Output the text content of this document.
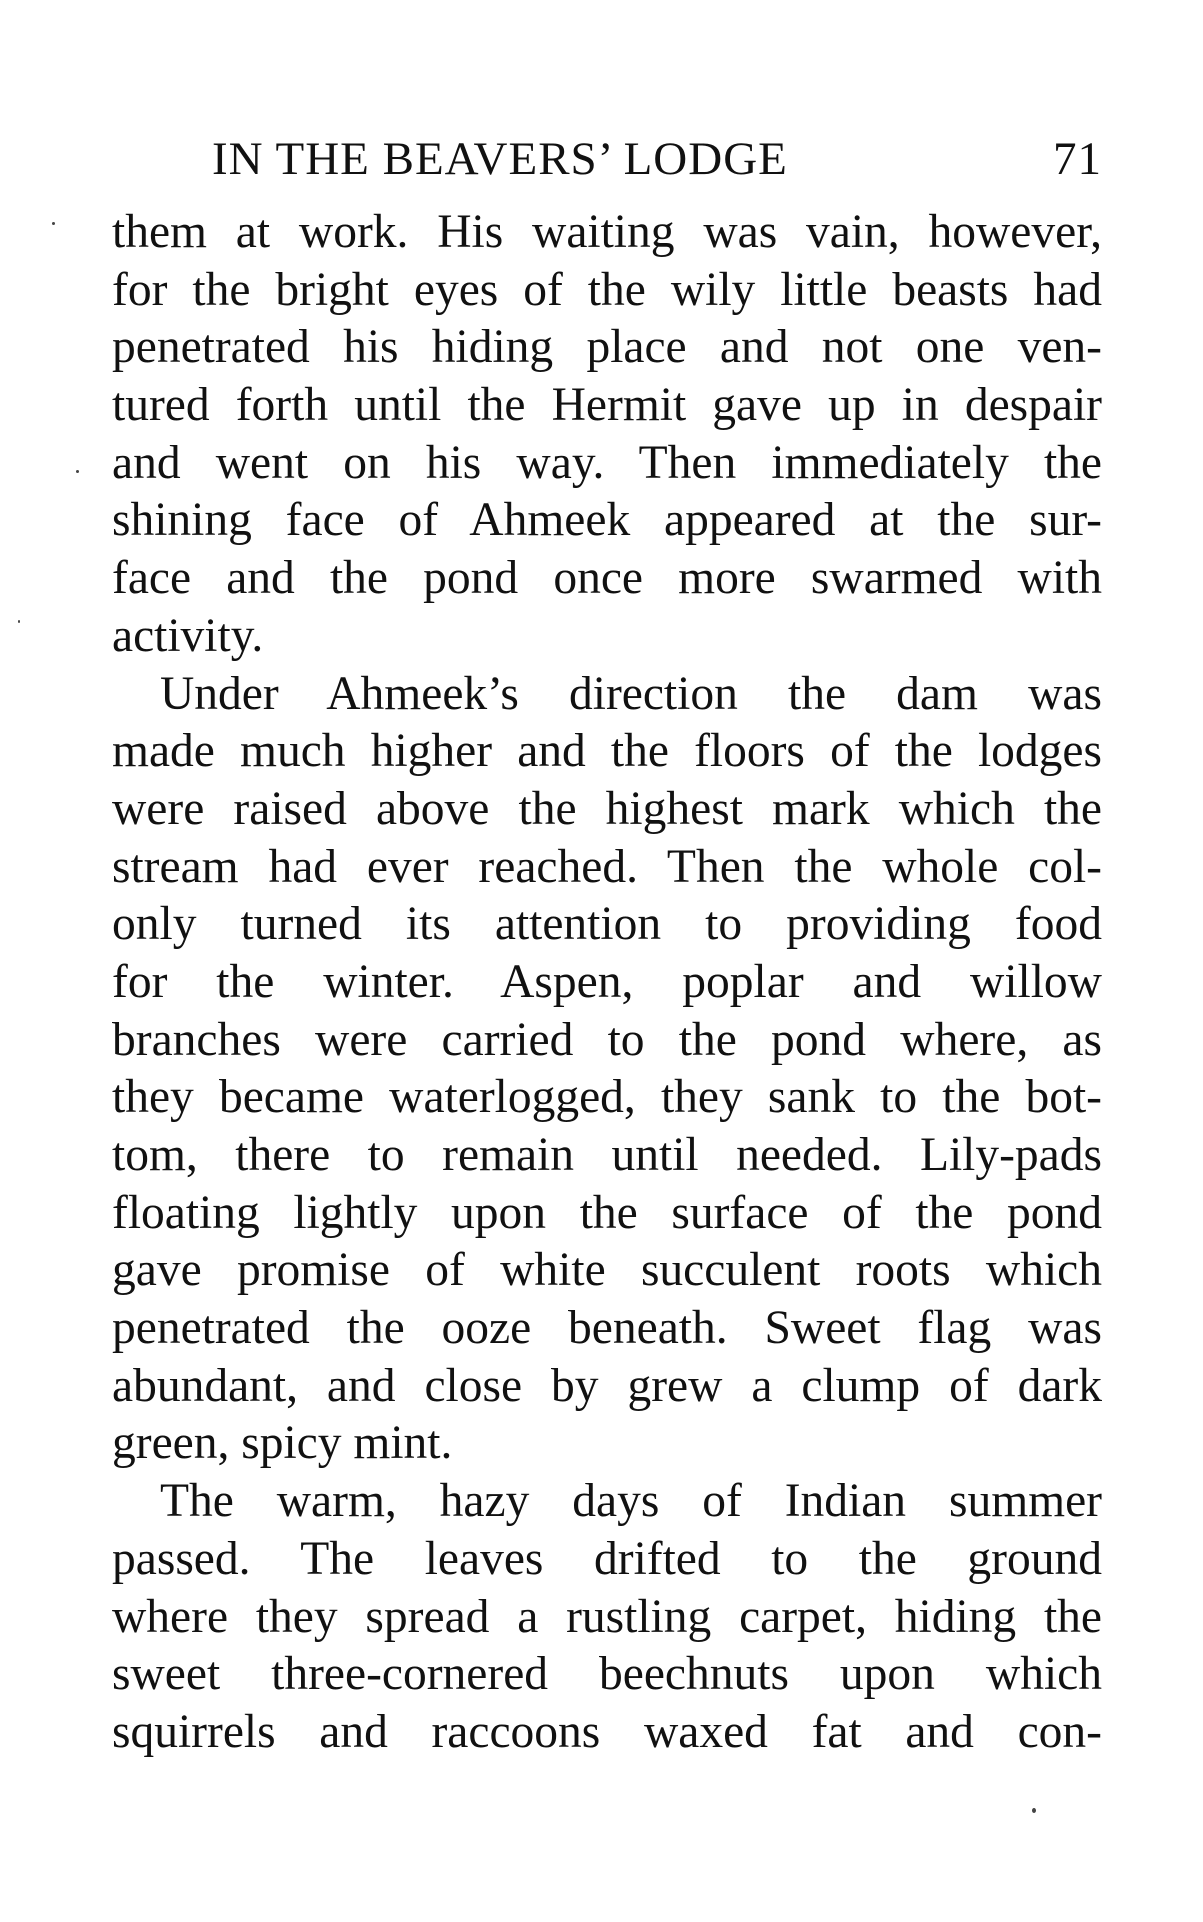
IN THE BEAVERS’ LODGE	71
them at work. His waiting was vain, however,
for the bright eyes of the wily little beasts had
penetrated his hiding place and not one ven-
tured forth until the Hermit gave up in despair
and went on his way. Then immediately the
shining face of Ahmeek appeared at the sur-
face and the pond once more swarmed with
activity.
Under Ahmeek’s direction the dam was
made much higher and the floors of the lodges
were raised above the highest mark which the
stream had ever reached. Then the whole col-
only turned its attention to providing food
for the winter. Aspen, poplar and willow
branches were carried to the pond where, as
they became waterlogged, they sank to the bot-
tom, there to remain until needed. Lily-pads
floating lightly upon the surface of the pond
gave promise of white succulent roots which
penetrated the ooze beneath. Sweet flag was
abundant, and close by grew a clump of dark
green, spicy mint.
The warm, hazy days of Indian summer
passed. The leaves drifted to the ground
where they spread a rustling carpet, hiding the
sweet three-cornered beechnuts upon which
squirrels and raccoons waxed fat and con-
